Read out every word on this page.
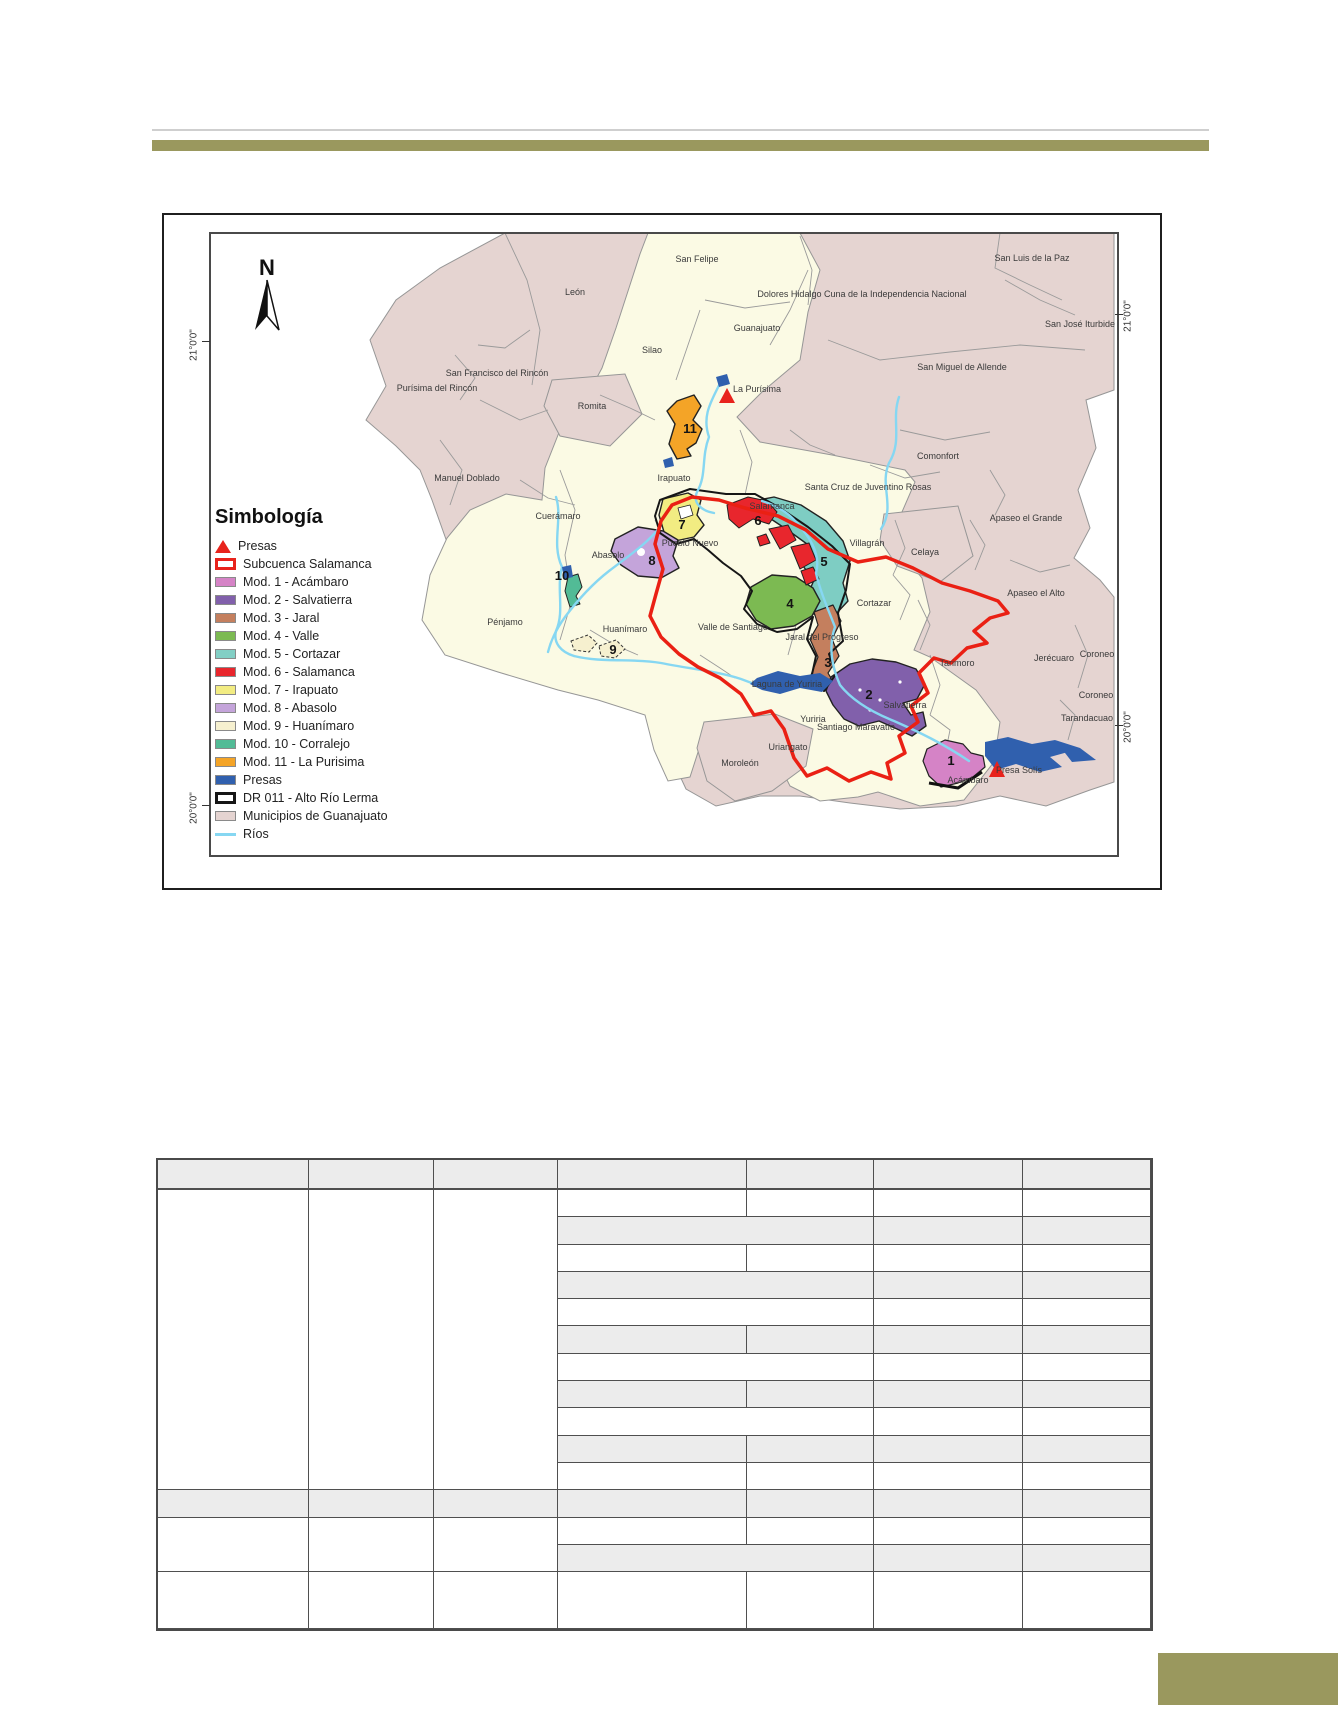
N	San Felipe	San Luis de la Paz
León	Dolores Hidalgo Cuna de la Independencia Nacional
San José Iturbide
Guanajuato
Silao
San Miguel de Allende
San Francisco del Rincón
Purísima del Rincón
Romita
La Purísima
Comonfort
Manuel Doblado	Irapuato
Santa Cruz de Juventino Rosas
Cuerámaro	Apaseo el Grande
Salamanca
Pueblo Nuevo	Villagrán
Celaya
Abasolo
Apaseo el Alto
Pénjamo
Cortazar
Valle de Santiago
Huanímaro
Jaral del Progreso
Tarimoro	Jerécuaro Coroneo
Laguna de Yuriria
Coroneo
Salvatierra
Yuriria
Santiago Maravatío
Tarandacuao
Uriangato
Moroleón
Acámbaro
Presa Solís
11
7	6
5
8
10
4
9
3
2
1
21°0'0"
20°0'0"
21°0'0"
20°0'0"
Simbología
Presas
Subcuenca Salamanca
Mod. 1 - Acámbaro
Mod. 2 - Salvatierra
Mod. 3 - Jaral
Mod. 4 - Valle
Mod. 5 - Cortazar
Mod. 6 - Salamanca
Mod. 7 - Irapuato
Mod. 8 - Abasolo
Mod. 9 - Huanímaro
Mod. 10 - Corralejo
Mod. 11 - La Purisima
Presas
DR 011 - Alto Río Lerma
Municipios de Guanajuato
Ríos
